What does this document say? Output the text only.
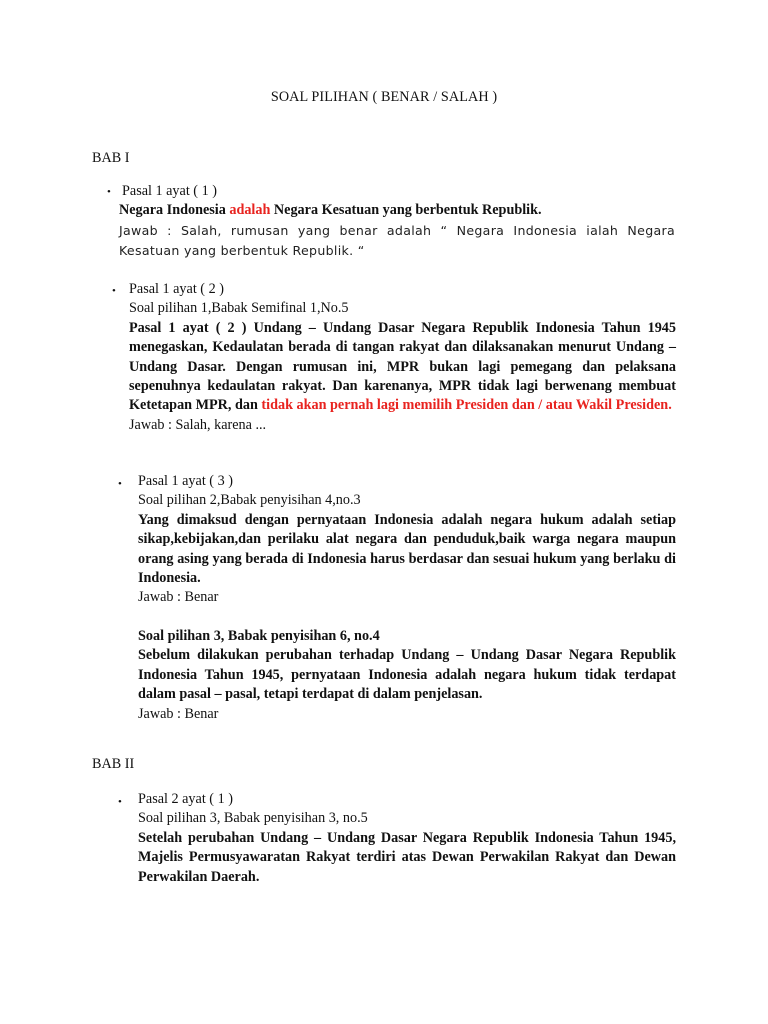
SOAL PILIHAN ( BENAR / SALAH )
BAB I
• Pasal 1 ayat ( 1 )

Negara Indonesia adalah Negara Kesatuan yang berbentuk Republik.
Jawab : Salah, rumusan yang benar adalah “ Negara Indonesia ialah Negara Kesatuan yang berbentuk Republik. “
• Pasal 1 ayat ( 2 )

Soal pilihan 1,Babak Semifinal 1,No.5

Pasal 1 ayat ( 2 ) Undang – Undang Dasar Negara Republik Indonesia Tahun 1945 menegaskan, Kedaulatan berada di tangan rakyat dan dilaksanakan menurut Undang – Undang Dasar. Dengan rumusan ini, MPR bukan lagi pemegang dan pelaksana sepenuhnya kedaulatan rakyat. Dan karenanya, MPR tidak lagi berwenang membuat Ketetapan MPR, dan tidak akan pernah lagi memilih Presiden dan / atau Wakil Presiden.

Jawab : Salah, karena ...

• Pasal 1 ayat ( 3 )

Soal pilihan 2,Babak penyisihan 4,no.3

Yang dimaksud dengan pernyataan Indonesia adalah negara hukum adalah setiap sikap,kebijakan,dan perilaku alat negara dan penduduk,baik warga negara maupun orang asing yang berada di Indonesia harus berdasar dan sesuai hukum yang berlaku di Indonesia.

Jawab : Benar

Soal pilihan 3, Babak penyisihan 6, no.4

Sebelum dilakukan perubahan terhadap Undang – Undang Dasar Negara Republik Indonesia Tahun 1945, pernyataan Indonesia adalah negara hukum tidak terdapat dalam pasal – pasal, tetapi terdapat di dalam penjelasan.

Jawab : Benar

BAB II
• Pasal 2 ayat ( 1 )

Soal pilihan 3, Babak penyisihan 3, no.5

Setelah perubahan Undang – Undang Dasar Negara Republik Indonesia Tahun 1945, Majelis Permusyawaratan Rakyat terdiri atas Dewan Perwakilan Rakyat dan Dewan Perwakilan Daerah.
